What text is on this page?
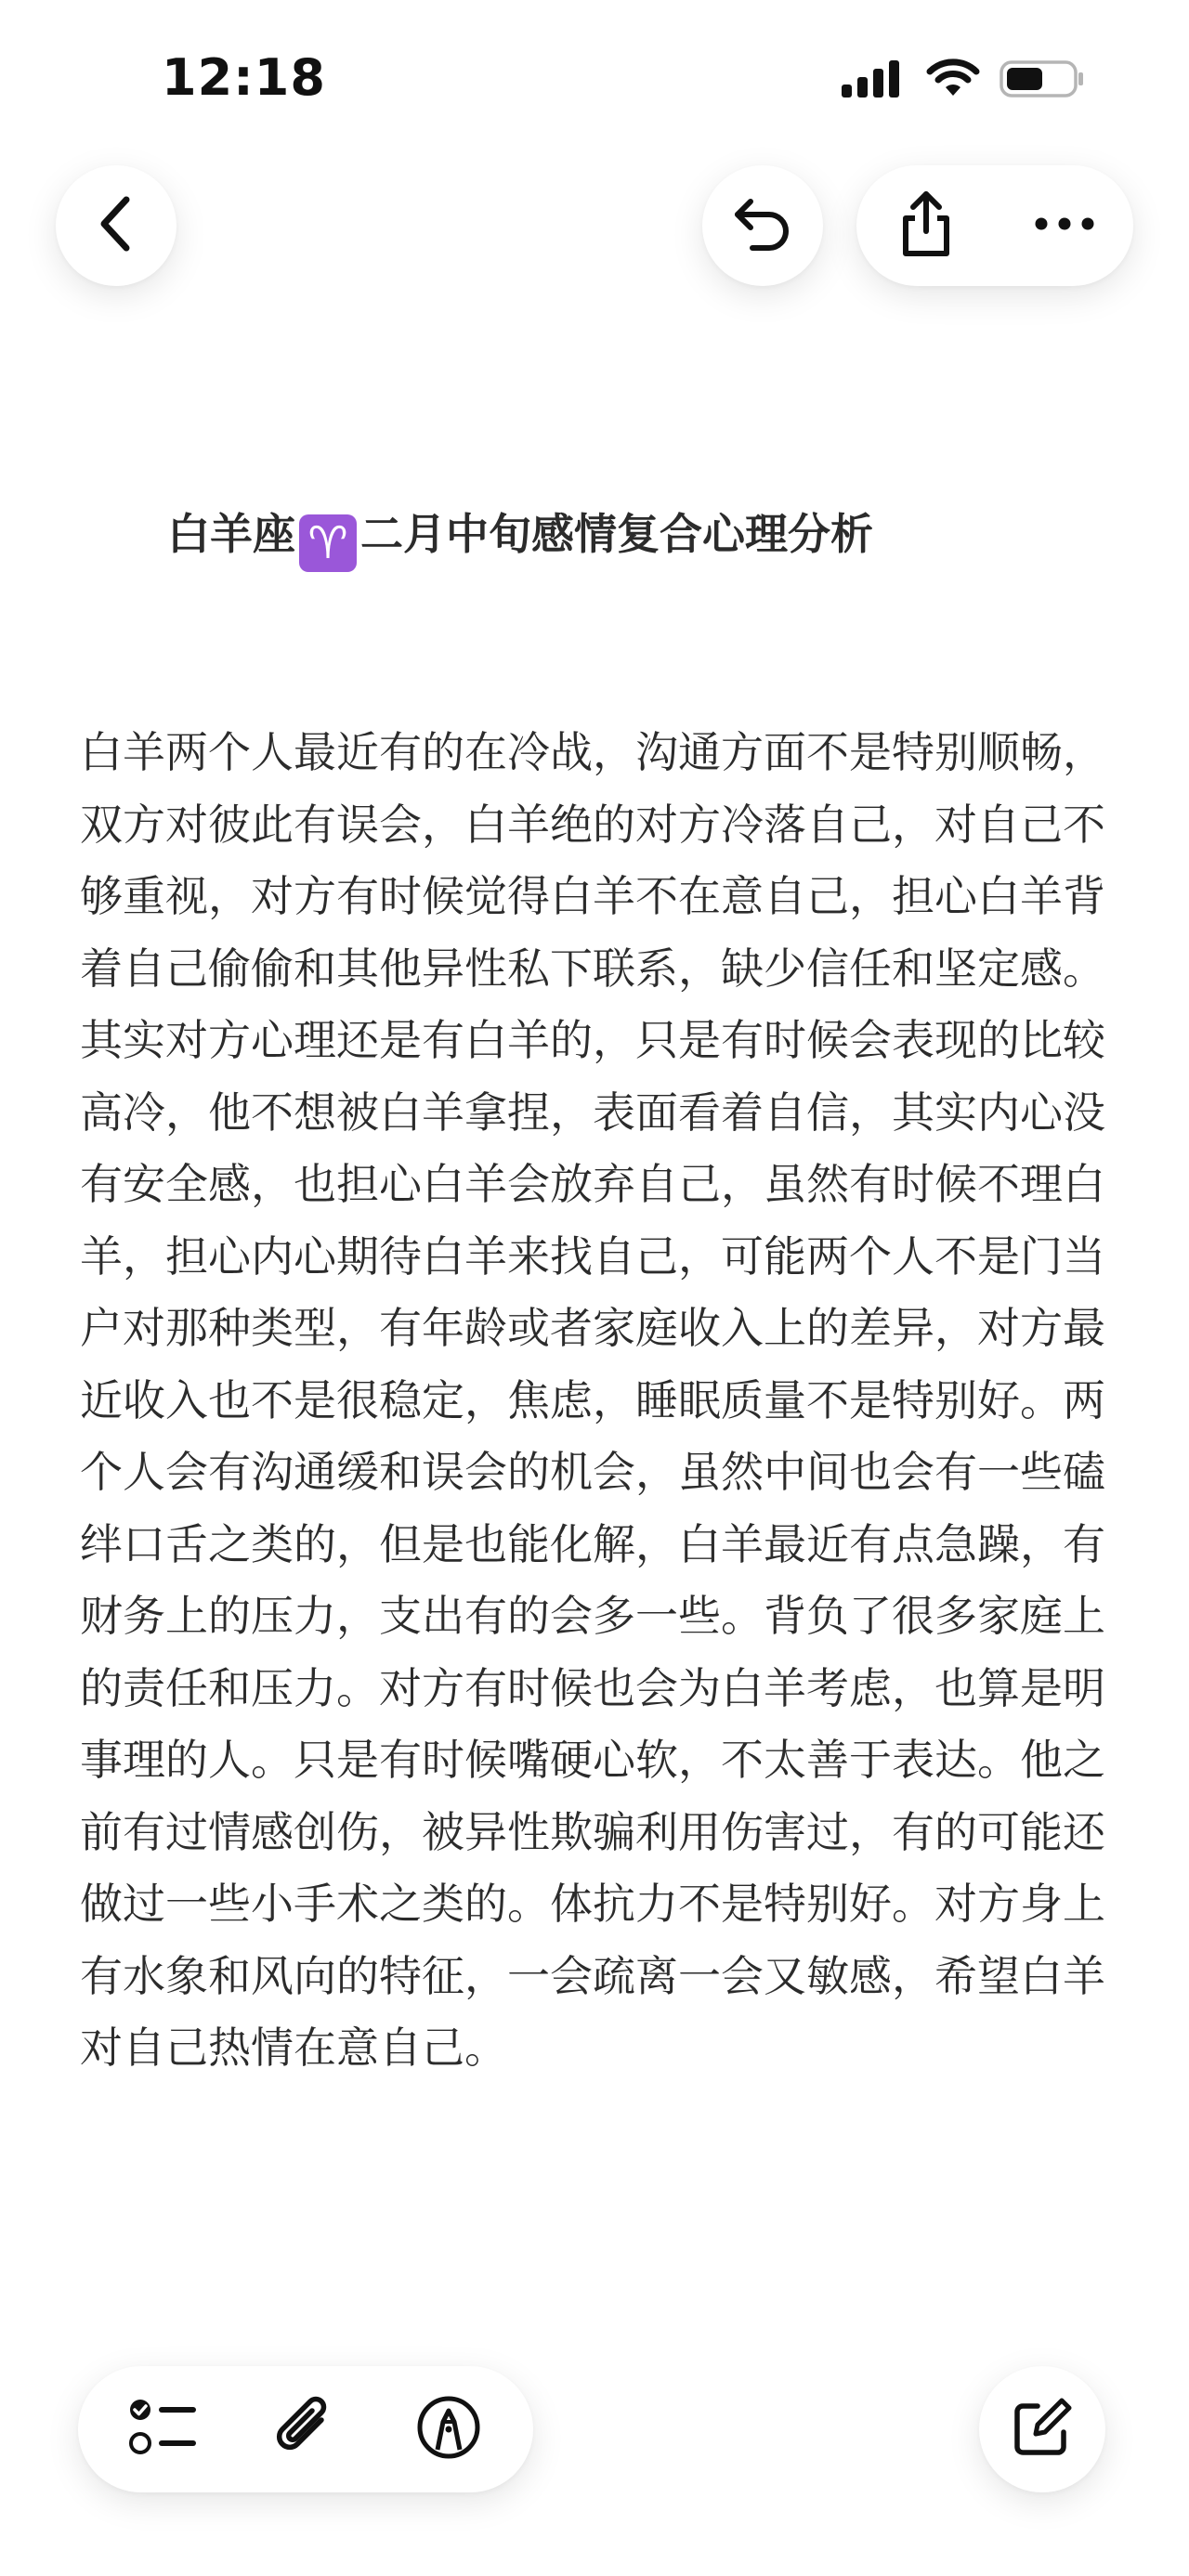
12:18
白羊座 ♈ 二月中旬感情复合心理分析

白羊两个人最近有的在冷战，沟通方面不是特别顺畅，双方对彼此有误会，白羊绝的对方冷落自己，对自己不够重视，对方有时候觉得白羊不在意自己，担心白羊背着自己偷偷和其他异性私下联系，缺少信任和坚定感。

其实对方心理还是有白羊的，只是有时候会表现的比较高冷，他不想被白羊拿捏，表面看着自信，其实内心没有安全感，也担心白羊会放弃自己，虽然有时候不理白羊，担心内心期待白羊来找自己，可能两个人不是门当户对那种类型，有年龄或者家庭收入上的差异，对方最近收入也不是很稳定，焦虑，睡眠质量不是特别好。两个人会有沟通缓和误会的机会，虽然中间也会有一些磕绊口舌之类的，但是也能化解，白羊最近有点急躁，有财务上的压力，支出有的会多一些。背负了很多家庭上的责任和压力。对方有时候也会为白羊考虑，也算是明事理的人。只是有时候嘴硬心软，不太善于表达。他之前有过情感创伤，被异性欺骗利用伤害过，有的可能还做过一些小手术之类的。体抗力不是特别好。对方身上有水象和风向的特征，一会疏离一会又敏感，希望白羊对自己热情在意自己。
